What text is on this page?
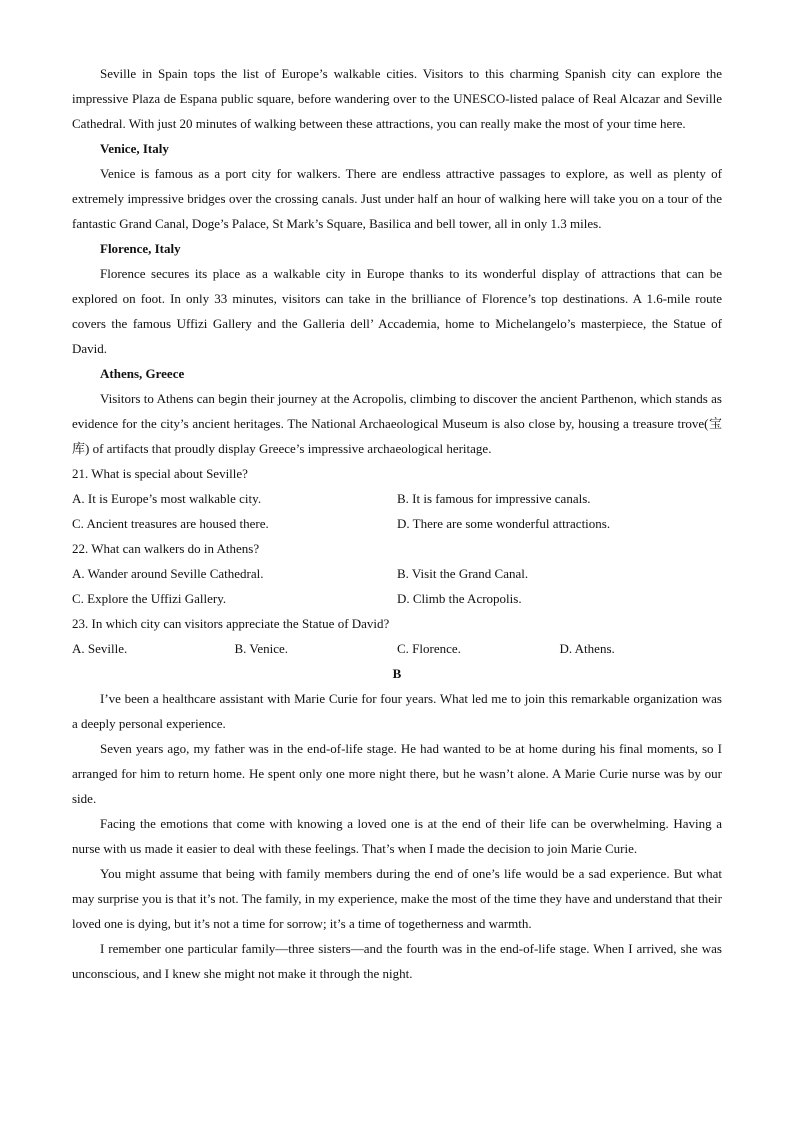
Seville in Spain tops the list of Europe’s walkable cities. Visitors to this charming Spanish city can explore the impressive Plaza de Espana public square, before wandering over to the UNESCO-listed palace of Real Alcazar and Seville Cathedral. With just 20 minutes of walking between these attractions, you can really make the most of your time here.

Venice, Italy

Venice is famous as a port city for walkers. There are endless attractive passages to explore, as well as plenty of extremely impressive bridges over the crossing canals. Just under half an hour of walking here will take you on a tour of the fantastic Grand Canal, Doge’s Palace, St Mark’s Square, Basilica and bell tower, all in only 1.3 miles.

Florence, Italy

Florence secures its place as a walkable city in Europe thanks to its wonderful display of attractions that can be explored on foot. In only 33 minutes, visitors can take in the brilliance of Florence’s top destinations. A 1.6-mile route covers the famous Uffizi Gallery and the Galleria dell’ Accademia, home to Michelangelo’s masterpiece, the Statue of David.

Athens, Greece

Visitors to Athens can begin their journey at the Acropolis, climbing to discover the ancient Parthenon, which stands as evidence for the city’s ancient heritages. The National Archaeological Museum is also close by, housing a treasure trove(宝库) of artifacts that proudly display Greece’s impressive archaeological heritage.

21. What is special about Seville?
A. It is Europe’s most walkable city.	B. It is famous for impressive canals.
C. Ancient treasures are housed there.	D. There are some wonderful attractions.
22. What can walkers do in Athens?
A. Wander around Seville Cathedral.	B. Visit the Grand Canal.
C. Explore the Uffizi Gallery.	D. Climb the Acropolis.
23. In which city can visitors appreciate the Statue of David?
A. Seville.	B. Venice.	C. Florence.	D. Athens.
B

I’ve been a healthcare assistant with Marie Curie for four years. What led me to join this remarkable organization was a deeply personal experience.

Seven years ago, my father was in the end-of-life stage. He had wanted to be at home during his final moments, so I arranged for him to return home. He spent only one more night there, but he wasn’t alone. A Marie Curie nurse was by our side.

Facing the emotions that come with knowing a loved one is at the end of their life can be overwhelming. Having a nurse with us made it easier to deal with these feelings. That’s when I made the decision to join Marie Curie.

You might assume that being with family members during the end of one’s life would be a sad experience. But what may surprise you is that it’s not. The family, in my experience, make the most of the time they have and understand that their loved one is dying, but it’s not a time for sorrow; it’s a time of togetherness and warmth.

I remember one particular family—three sisters—and the fourth was in the end-of-life stage. When I arrived, she was unconscious, and I knew she might not make it through the night.
